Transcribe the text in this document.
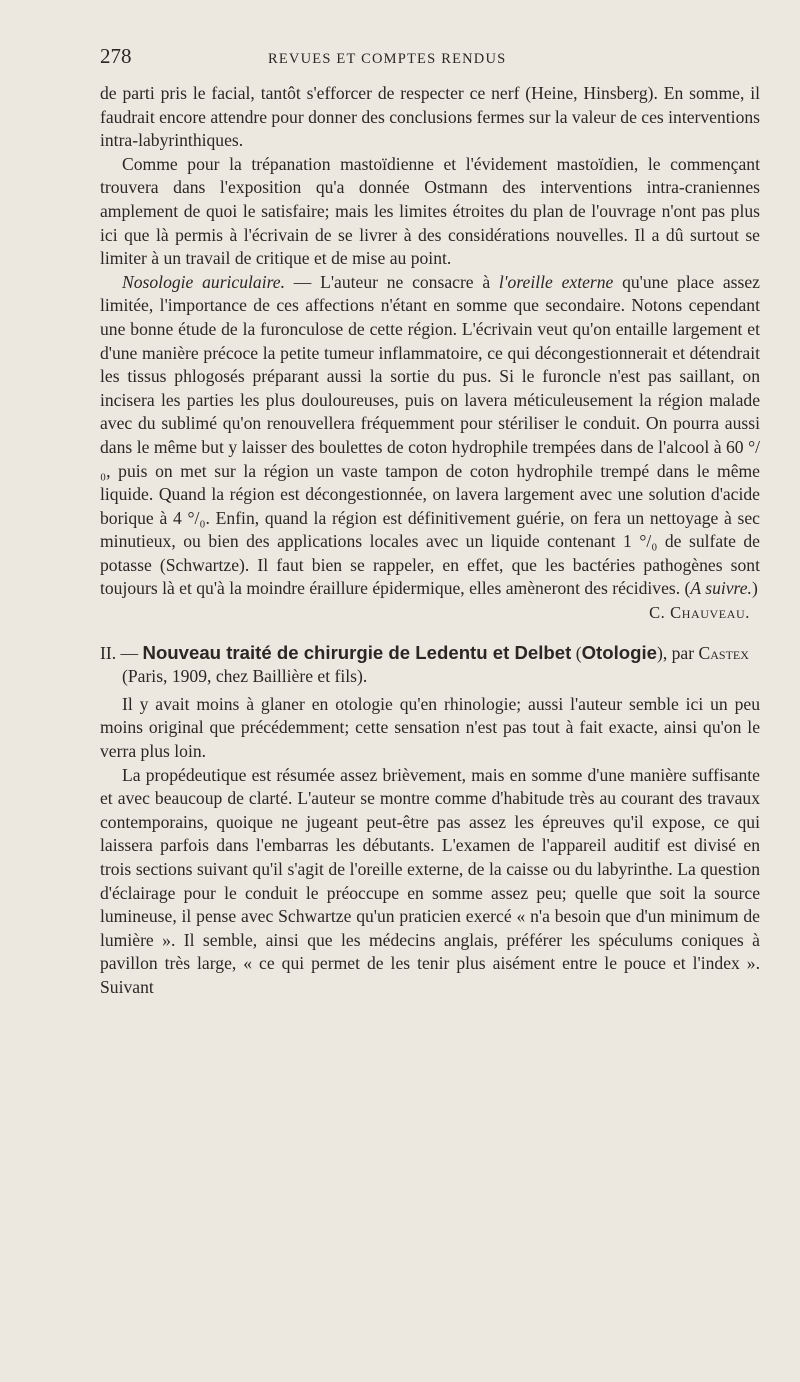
278	REVUES ET COMPTES RENDUS

de parti pris le facial, tantôt s'efforcer de respecter ce nerf (Heine, Hinsberg). En somme, il faudrait encore attendre pour donner des conclusions fermes sur la valeur de ces interventions intra-labyrinthiques.

Comme pour la trépanation mastoïdienne et l'évidement mastoïdien, le commençant trouvera dans l'exposition qu'a donnée Ostmann des interventions intra-craniennes amplement de quoi le satisfaire; mais les limites étroites du plan de l'ouvrage n'ont pas plus ici que là permis à l'écrivain de se livrer à des considérations nouvelles. Il a dû surtout se limiter à un travail de critique et de mise au point.

Nosologie auriculaire. — L'auteur ne consacre à l'oreille externe qu'une place assez limitée, l'importance de ces affections n'étant en somme que secondaire. Notons cependant une bonne étude de la furonculose de cette région. L'écrivain veut qu'on entaille largement et d'une manière précoce la petite tumeur inflammatoire, ce qui décongestionnerait et détendrait les tissus phlogosés préparant aussi la sortie du pus. Si le furoncle n'est pas saillant, on incisera les parties les plus douloureuses, puis on lavera méticuleusement la région malade avec du sublimé qu'on renouvellera fréquemment pour stériliser le conduit. On pourra aussi dans le même but y laisser des boulettes de coton hydrophile trempées dans de l'alcool à 60 °/₀, puis on met sur la région un vaste tampon de coton hydrophile trempé dans le même liquide. Quand la région est décongestionnée, on lavera largement avec une solution d'acide borique à 4 °/₀. Enfin, quand la région est définitivement guérie, on fera un nettoyage à sec minutieux, ou bien des applications locales avec un liquide contenant 1 °/₀ de sulfate de potasse (Schwartze). Il faut bien se rappeler, en effet, que les bactéries pathogènes sont toujours là et qu'à la moindre éraillure épidermique, elles amèneront des récidives. (A suivre.)

C. Chauveau.
II. — Nouveau traité de chirurgie de Ledentu et Delbet (Otologie), par Castex (Paris, 1909, chez Baillière et fils).

Il y avait moins à glaner en otologie qu'en rhinologie; aussi l'auteur semble ici un peu moins original que précédemment; cette sensation n'est pas tout à fait exacte, ainsi qu'on le verra plus loin.

La propédeutique est résumée assez brièvement, mais en somme d'une manière suffisante et avec beaucoup de clarté. L'auteur se montre comme d'habitude très au courant des travaux contemporains, quoique ne jugeant peut-être pas assez les épreuves qu'il expose, ce qui laissera parfois dans l'embarras les débutants. L'examen de l'appareil auditif est divisé en trois sections suivant qu'il s'agit de l'oreille externe, de la caisse ou du labyrinthe. La question d'éclairage pour le conduit le préoccupe en somme assez peu; quelle que soit la source lumineuse, il pense avec Schwartze qu'un praticien exercé « n'a besoin que d'un minimum de lumière ». Il semble, ainsi que les médecins anglais, préférer les spéculums coniques à pavillon très large, « ce qui permet de les tenir plus aisément entre le pouce et l'index ». Suivant
